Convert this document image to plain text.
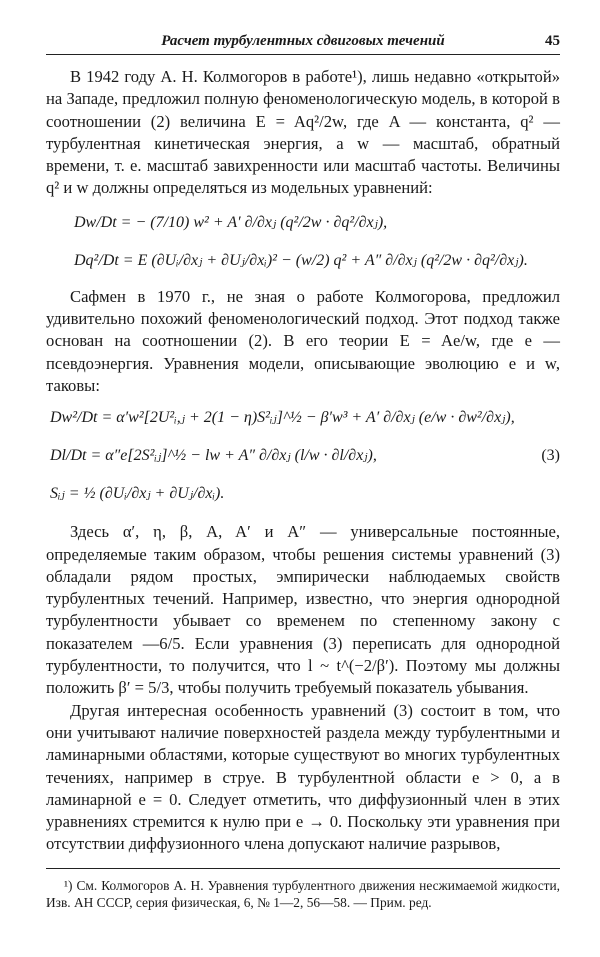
Расчет турбулентных сдвиговых течений	45

В 1942 году А. Н. Колмогоров в работе¹), лишь недавно «открытой» на Западе, предложил полную феноменологическую модель, в которой в соотношении (2) величина E = Aq²/2w, где A — константа, q² — турбулентная кинетическая энергия, а w — масштаб, обратный времени, т. е. масштаб завихренности или масштаб частоты. Величины q² и w должны определяться из модельных уравнений:

Dw/Dt = − (7/10) w² + A′ ∂/∂xⱼ (q²/2w · ∂q²/∂xⱼ),
Dq²/Dt = E (∂Uᵢ/∂xⱼ + ∂Uⱼ/∂xᵢ)² − (w/2) q² + A″ ∂/∂xⱼ (q²/2w · ∂q²/∂xⱼ).

Сафмен в 1970 г., не зная о работе Колмогорова, предложил удивительно похожий феноменологический подход. Этот подход также основан на соотношении (2). В его теории E = Ae/w, где e — псевдоэнергия. Уравнения модели, описывающие эволюцию e и w, таковы:

Dw²/Dt = α′w²[2U²ᵢ,ⱼ + 2(1 − η)S²ᵢⱼ]^½ − β′w³ + A′ ∂/∂xⱼ (e/w · ∂w²/∂xⱼ),
Dl/Dt = α″e[2S²ᵢⱼ]^½ − lw + A″ ∂/∂xⱼ (l/w · ∂l/∂xⱼ),	(3)
Sᵢⱼ = ½ (∂Uᵢ/∂xⱼ + ∂Uⱼ/∂xᵢ).

Здесь α′, η, β, A, A′ и A″ — универсальные постоянные, определяемые таким образом, чтобы решения системы уравнений (3) обладали рядом простых, эмпирически наблюдаемых свойств турбулентных течений. Например, известно, что энергия однородной турбулентности убывает со временем по степенному закону с показателем —6/5. Если уравнения (3) переписать для однородной турбулентности, то получится, что l ~ t^(−2/β′). Поэтому мы должны положить β′ = 5/3, чтобы получить требуемый показатель убывания.

Другая интересная особенность уравнений (3) состоит в том, что они учитывают наличие поверхностей раздела между турбулентными и ламинарными областями, которые существуют во многих турбулентных течениях, например в струе. В турбулентной области e > 0, а в ламинарной e = 0. Следует отметить, что диффузионный член в этих уравнениях стремится к нулю при e → 0. Поскольку эти уравнения при отсутствии диффузионного члена допускают наличие разрывов,

¹) См. Колмогоров А. Н. Уравнения турбулентного движения несжимаемой жидкости, Изв. АН СССР, серия физическая, 6, № 1—2, 56—58. — Прим. ред.
